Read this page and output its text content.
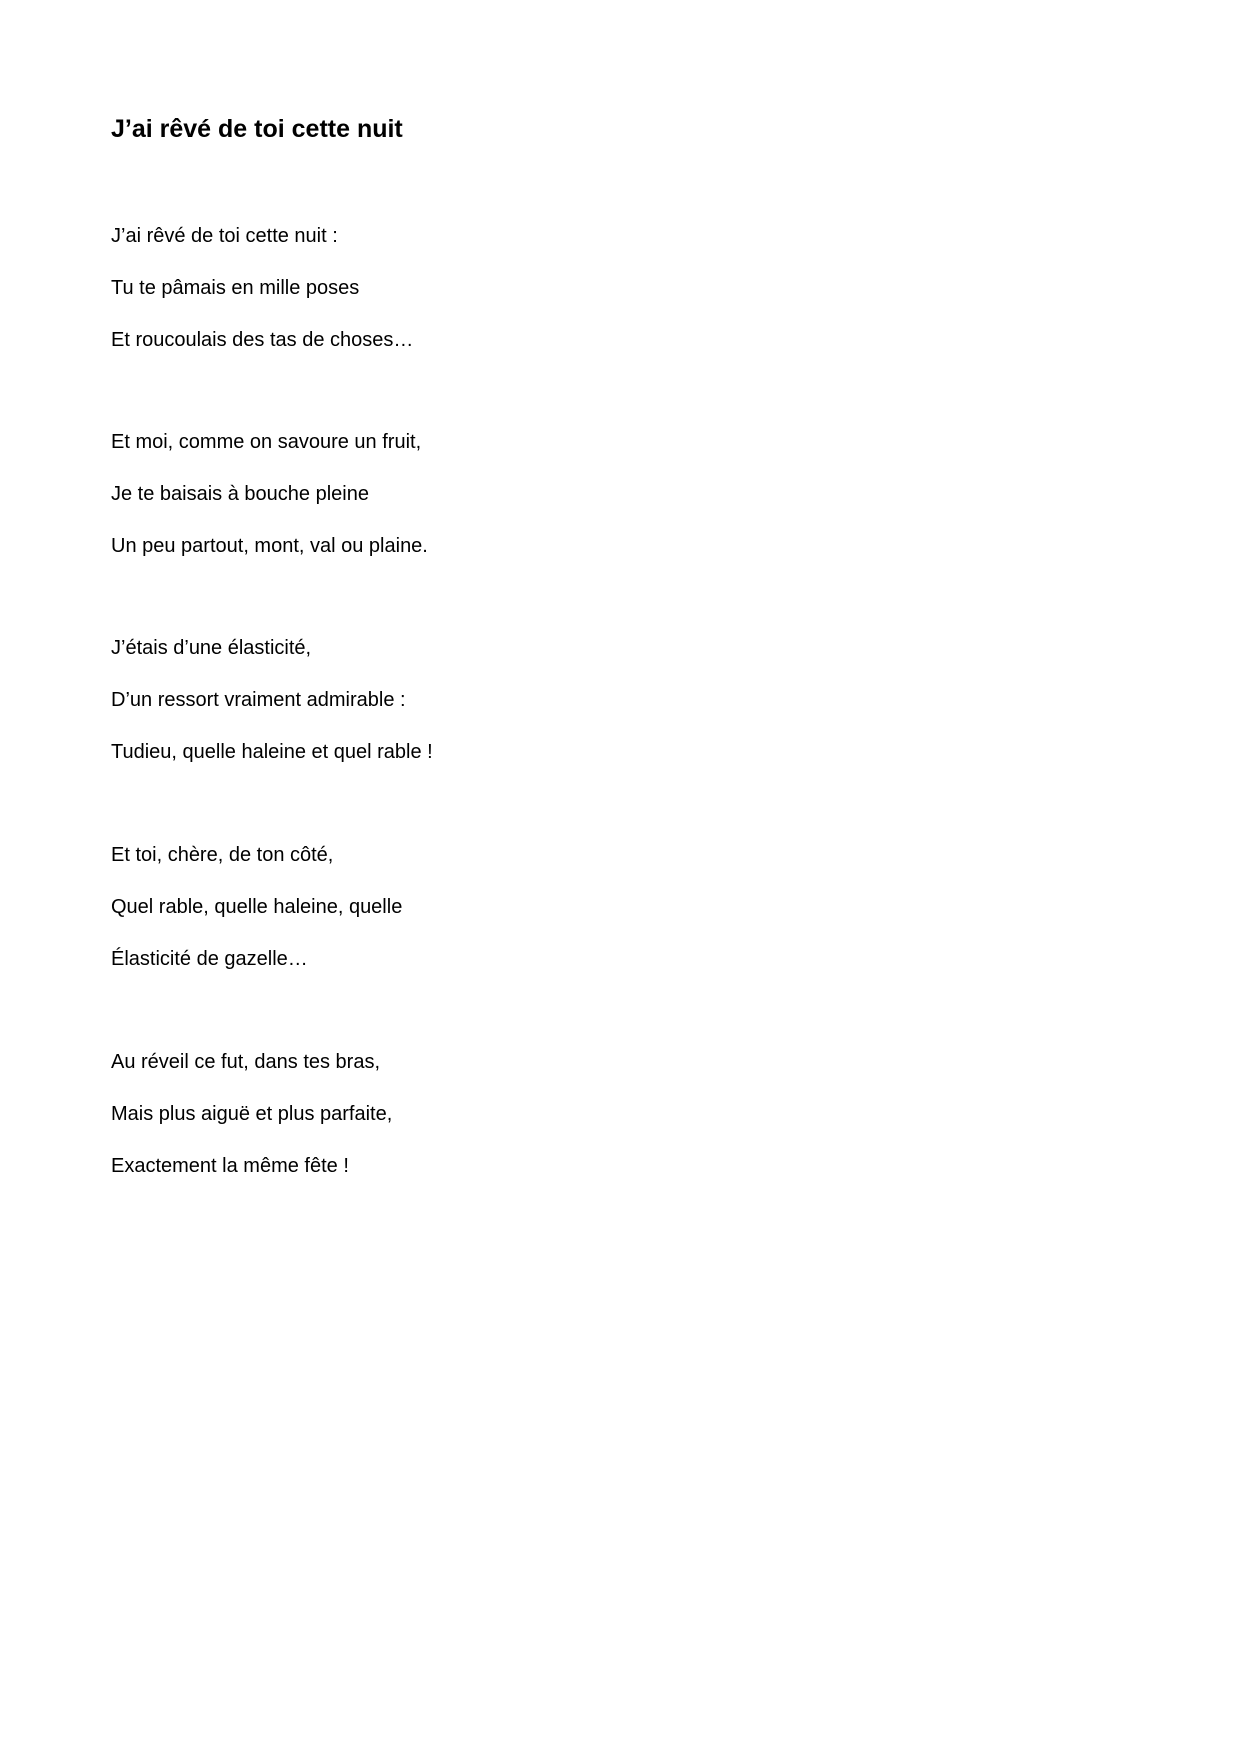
J’ai rêvé de toi cette nuit

J’ai rêvé de toi cette nuit :

Tu te pâmais en mille poses

Et roucoulais des tas de choses…

Et moi, comme on savoure un fruit,

Je te baisais à bouche pleine

Un peu partout, mont, val ou plaine.

J’étais d’une élasticité,

D’un ressort vraiment admirable :

Tudieu, quelle haleine et quel rable !

Et toi, chère, de ton côté,

Quel rable, quelle haleine, quelle

Élasticité de gazelle…

Au réveil ce fut, dans tes bras,

Mais plus aiguë et plus parfaite,

Exactement la même fête !
